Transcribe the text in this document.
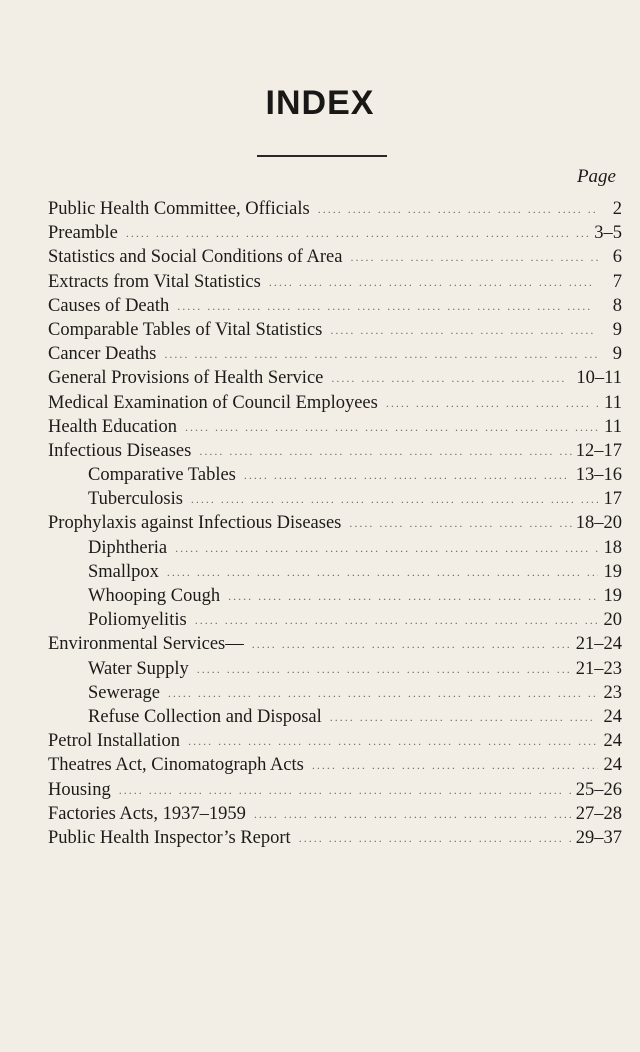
INDEX
Page
Public Health Committee, Officials .....	2
Preamble .....	3–5
Statistics and Social Conditions of Area .....	6
Extracts from Vital Statistics .....	7
Causes of Death .....	8
Comparable Tables of Vital Statistics .....	9
Cancer Deaths .....	9
General Provisions of Health Service .....	10–11
Medical Examination of Council Employees .....	11
Health Education .....	11
Infectious Diseases .....	12–17
Comparative Tables .....	13–16
Tuberculosis .....	17
Prophylaxis against Infectious Diseases .....	18–20
Diphtheria .....	18
Smallpox .....	19
Whooping Cough .....	19
Poliomyelitis .....	20
Environmental Services— .....	21–24
Water Supply .....	21–23
Sewerage .....	23
Refuse Collection and Disposal .....	24
Petrol Installation .....	24
Theatres Act, Cinomatograph Acts .....	24
Housing .....	25–26
Factories Acts, 1937–1959 .....	27–28
Public Health Inspector’s Report .....	29–37
